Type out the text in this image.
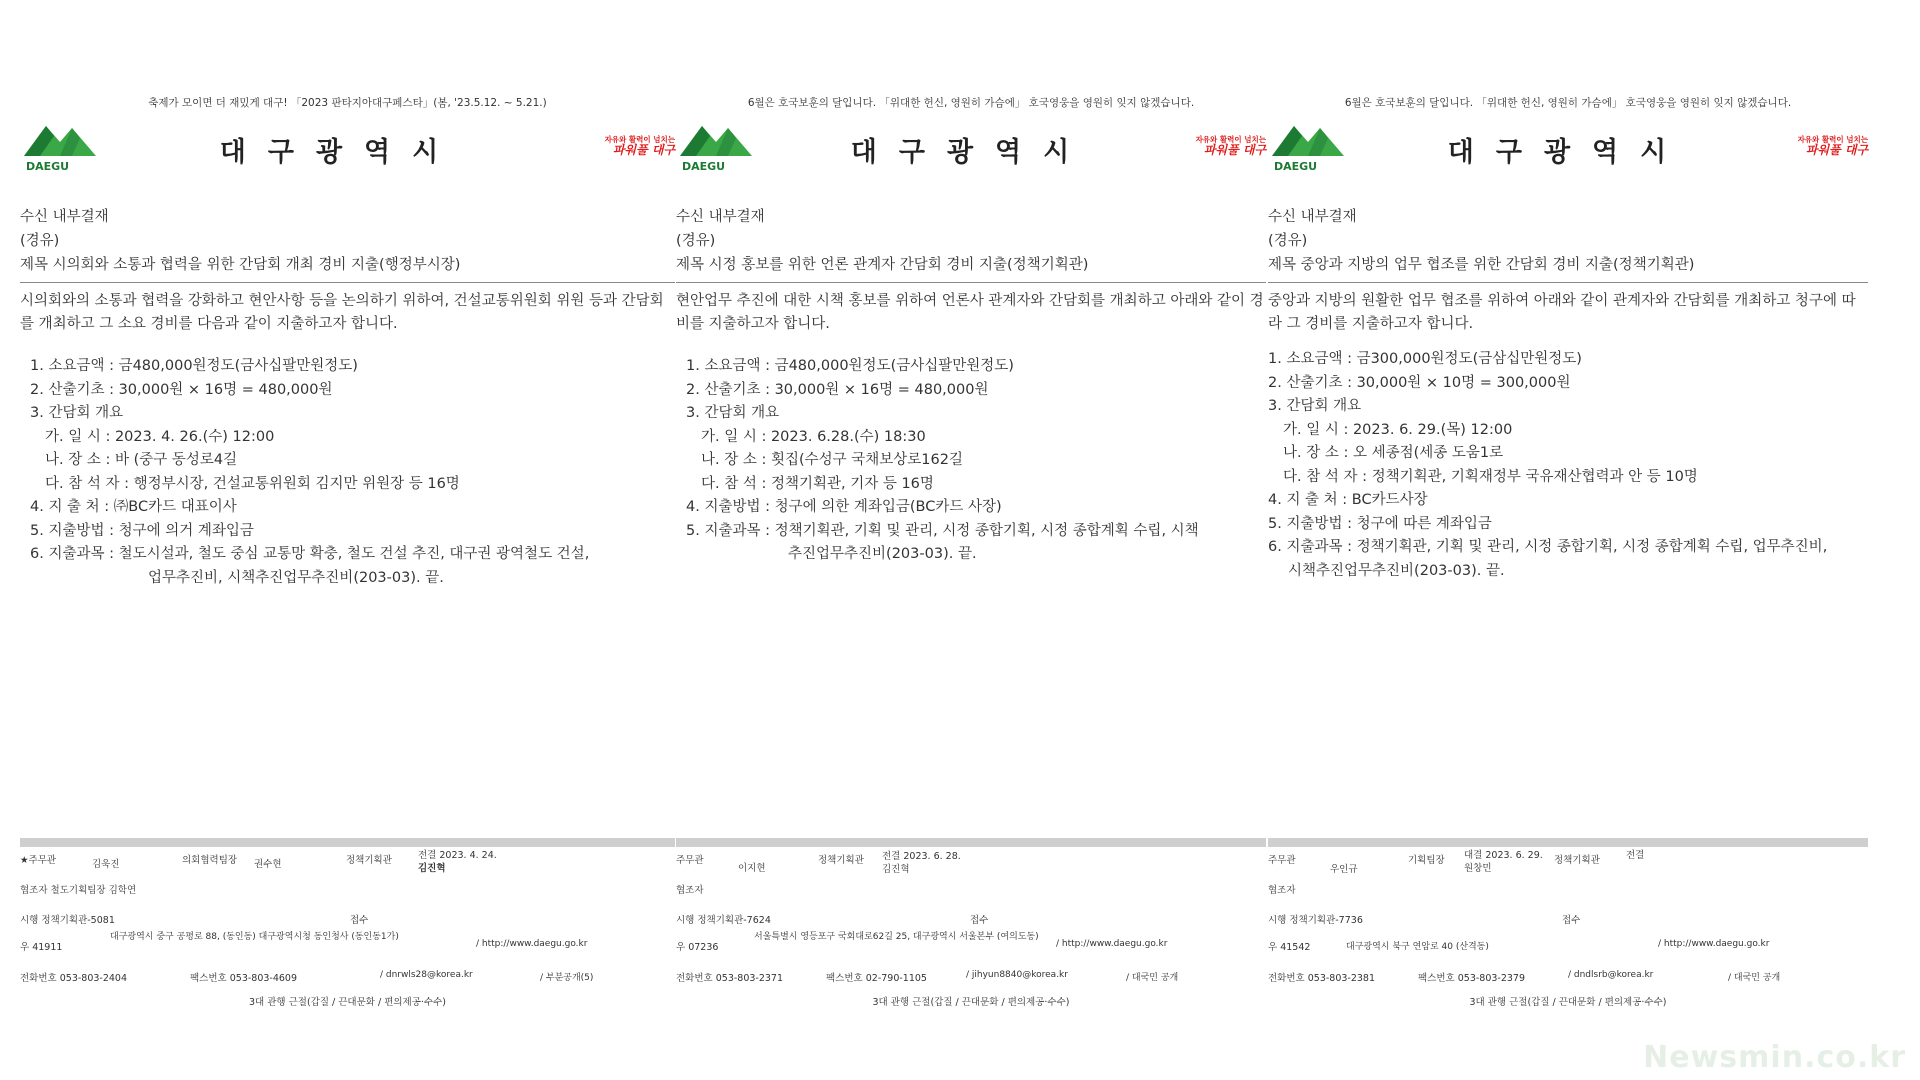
축제가 모이면 더 재밌게 대구! 「2023 판타지아대구페스타」(봄, '23.5.12. ~ 5.21.)
DAEGU	대구광역시	자유와 활력이 넘치는
파워풀 대구
수신 내부결재
(경유)
제목 시의회와 소통과 협력을 위한 간담회 개최 경비 지출(행정부시장)

시의회와의 소통과 협력을 강화하고 현안사항 등을 논의하기 위하여, 건설교통위원회 위원 등과 간담회를 개최하고 그 소요 경비를 다음과 같이 지출하고자 합니다.

1. 소요금액 : 금480,000원정도(금사십팔만원정도)
2. 산출기초 : 30,000원 × 16명 = 480,000원
3. 간담회 개요
가. 일 시 : 2023. 4. 26.(수) 12:00
나. 장 소 : 바 (중구 동성로4길
다. 참 석 자 : 행정부시장, 건설교통위원회 김지만 위원장 등 16명
4. 지 출 처 : ㈜BC카드 대표이사
5. 지출방법 : 청구에 의거 계좌입금
6. 지출과목 : 철도시설과, 철도 중심 교통망 확충, 철도 건설 추진, 대구권 광역철도 건설,
업무추진비, 시책추진업무추진비(203-03). 끝.
★주무관	김욱진	의회협력팀장 권수현	정책기획관	전결 2023. 4. 24.
김진혁
협조자 철도기획팀장 김학연
시행 정책기획관-5081	접수
우 41911
대구광역시 중구 공평로 88, (동인동) 대구광역시청 동인청사 (동인동1가)
/ http://www.daegu.go.kr
전화번호 053-803-2404	팩스번호 053-803-4609	/ dnrwls28@korea.kr	/ 부분공개(5)
3대 관행 근절(갑질 / 끈대문화 / 편의제공·수수)
6월은 호국보훈의 달입니다. 「위대한 헌신, 영원히 가슴에」 호국영웅을 영원히 잊지 않겠습니다.
DAEGU	대구광역시	자유와 활력이 넘치는
파워풀 대구
수신 내부결재
(경유)
제목 시정 홍보를 위한 언론 관계자 간담회 경비 지출(정책기획관)

현안업무 추진에 대한 시책 홍보를 위하여 언론사 관계자와 간담회를 개최하고 아래와 같이 경비를 지출하고자 합니다.

1. 소요금액 : 금480,000원정도(금사십팔만원정도)
2. 산출기초 : 30,000원 × 16명 = 480,000원
3. 간담회 개요
가. 일 시 : 2023. 6.28.(수) 18:30
나. 장 소 : 횟집(수성구 국채보상로162길
다. 참 석 : 정책기획관, 기자 등 16명
4. 지출방법 : 청구에 의한 계좌입금(BC카드 사장)
5. 지출과목 : 정책기획관, 기획 및 관리, 시정 종합기획, 시정 종합계획 수립, 시책
추진업무추진비(203-03). 끝.
주무관
이지현
정책기획관 전결 2023. 6. 28.
김진혁
협조자
시행 정책기획관-7624	접수
우 07236
서울특별시 영등포구 국회대로62길 25, 대구광역시 서울본부 (여의도동)
/ http://www.daegu.go.kr
전화번호 053-803-2371	팩스번호 02-790-1105	/ jihyun8840@korea.kr	/ 대국민 공개
3대 관행 근절(갑질 / 끈대문화 / 편의제공·수수)
6월은 호국보훈의 달입니다. 「위대한 헌신, 영원히 가슴에」 호국영웅을 영원히 잊지 않겠습니다.
DAEGU	대구광역시	자유와 활력이 넘치는
파워풀 대구
수신 내부결재
(경유)
제목 중앙과 지방의 업무 협조를 위한 간담회 경비 지출(정책기획관)

중앙과 지방의 원활한 업무 협조를 위하여 아래와 같이 관계자와 간담회를 개최하고 청구에 따라 그 경비를 지출하고자 합니다.

1. 소요금액 : 금300,000원정도(금삼십만원정도)
2. 산출기초 : 30,000원 × 10명 = 300,000원
3. 간담회 개요
가. 일 시 : 2023. 6. 29.(목) 12:00
나. 장 소 : 오 세종점(세종 도움1로
다. 참 석 자 : 정책기획관, 기획재정부 국유재산협력과 안 등 10명
4. 지 출 처 : BC카드사장
5. 지출방법 : 청구에 따른 계좌입금
6. 지출과목 : 정책기획관, 기획 및 관리, 시정 종합기획, 시정 종합계획 수립, 업무추진비,
시책추진업무추진비(203-03). 끝.
주무관
우인규
기획팀장 대결 2023. 6. 29.
원창민
정책기획관	전결
협조자
시행 정책기획관-7736	접수
우 41542	대구광역시 북구 연암로 40 (산격동)	/ http://www.daegu.go.kr
전화번호 053-803-2381	팩스번호 053-803-2379	/ dndlsrb@korea.kr	/ 대국민 공개
3대 관행 근절(갑질 / 끈대문화 / 편의제공·수수)
Newsmin.co.kr
